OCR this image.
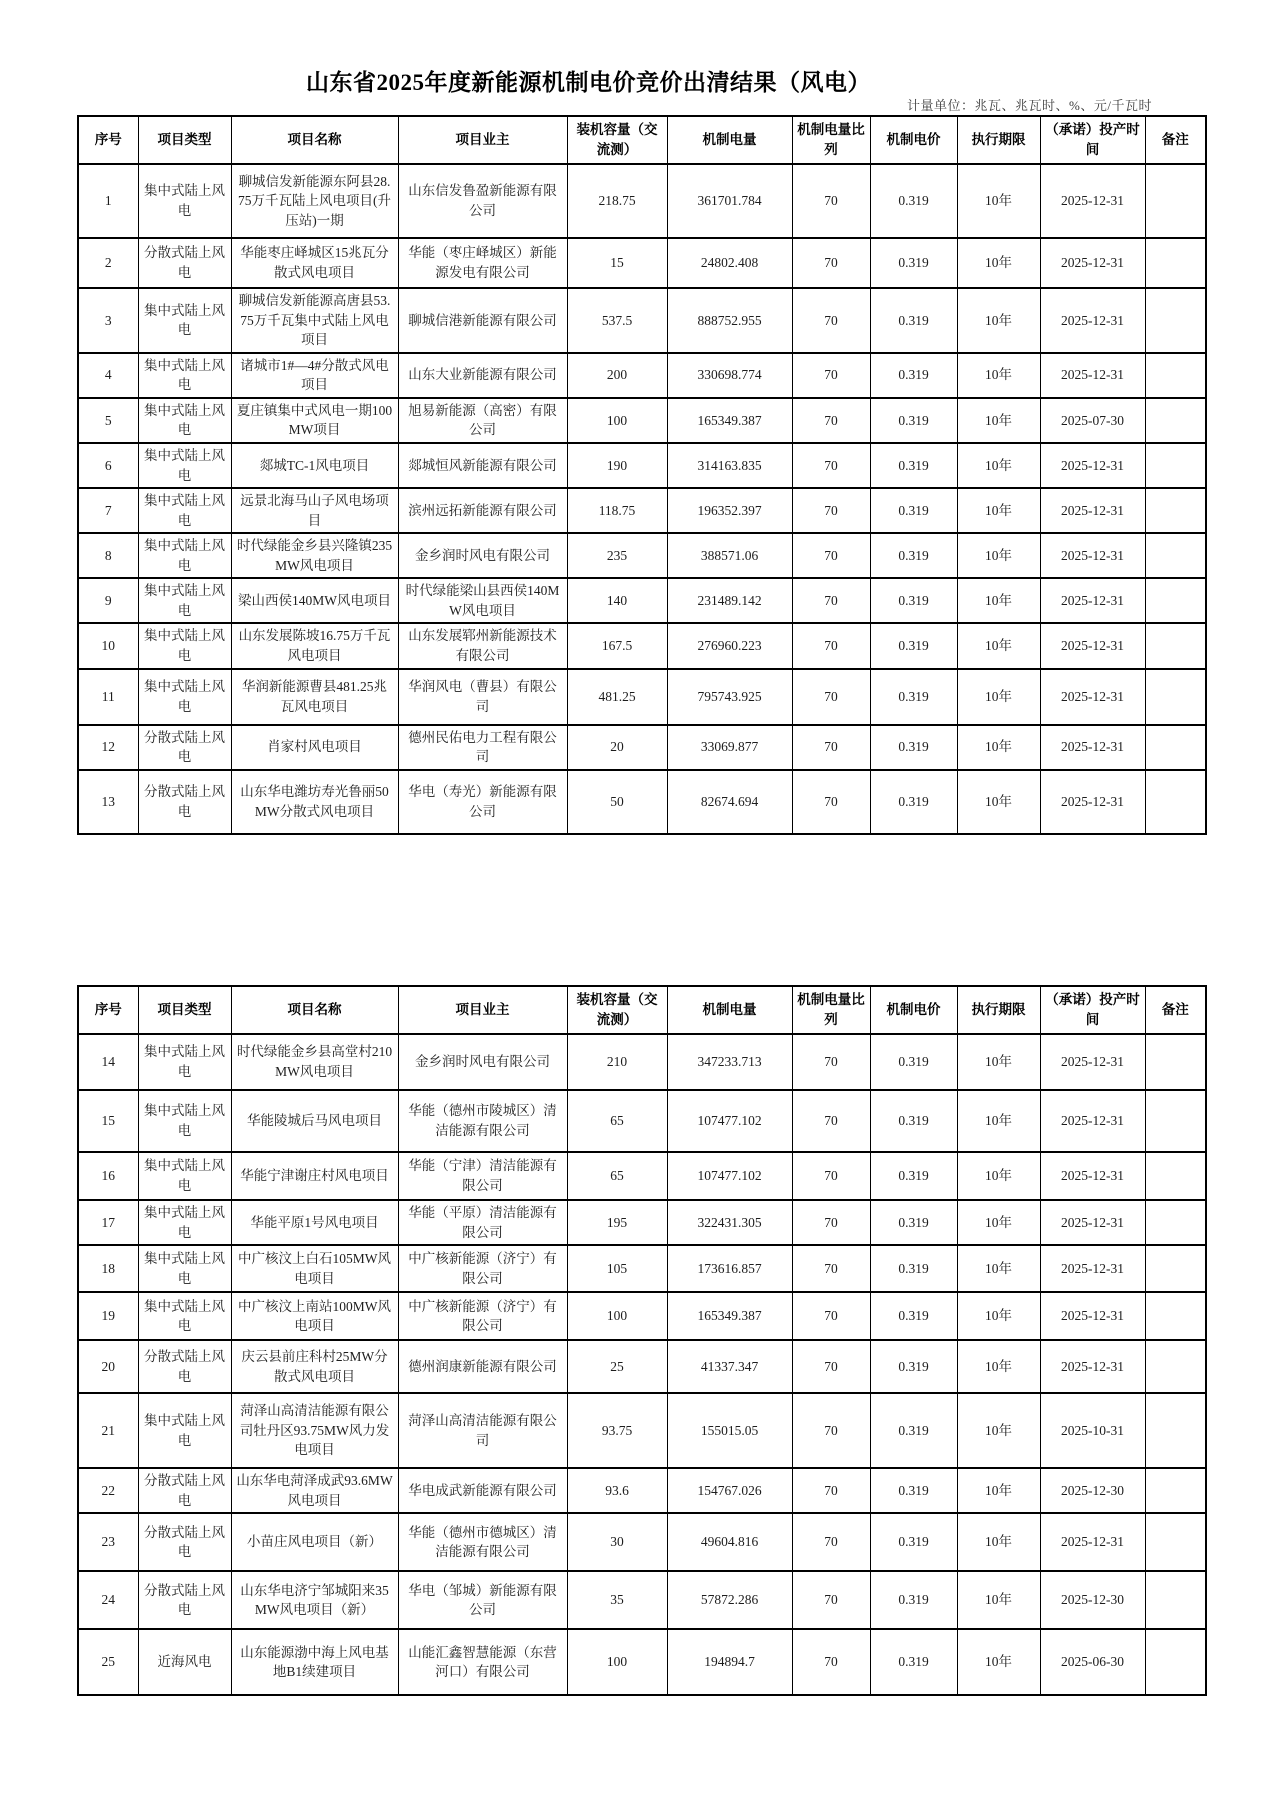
山东省2025年度新能源机制电价竞价出清结果（风电）
计量单位：兆瓦、兆瓦时、%、元/千瓦时
序号	项目类型	项目名称	项目业主	装机容量（交流测）	机制电量	机制电量比列	机制电价	执行期限	（承诺）投产时间	备注
1	集中式陆上风电	聊城信发新能源东阿县28.75万千瓦陆上风电项目(升压站)一期	山东信发鲁盈新能源有限公司	218.75	361701.784	70	0.319	10年	2025-12-31	
2	分散式陆上风电	华能枣庄峄城区15兆瓦分散式风电项目	华能（枣庄峄城区）新能源发电有限公司	15	24802.408	70	0.319	10年	2025-12-31	
3	集中式陆上风电	聊城信发新能源高唐县53.75万千瓦集中式陆上风电项目	聊城信港新能源有限公司	537.5	888752.955	70	0.319	10年	2025-12-31	
4	集中式陆上风电	诸城市1#—4#分散式风电项目	山东大业新能源有限公司	200	330698.774	70	0.319	10年	2025-12-31	
5	集中式陆上风电	夏庄镇集中式风电一期100MW项目	旭易新能源（高密）有限公司	100	165349.387	70	0.319	10年	2025-07-30	
6	集中式陆上风电	郯城TC-1风电项目	郯城恒风新能源有限公司	190	314163.835	70	0.319	10年	2025-12-31	
7	集中式陆上风电	远景北海马山子风电场项目	滨州远拓新能源有限公司	118.75	196352.397	70	0.319	10年	2025-12-31	
8	集中式陆上风电	时代绿能金乡县兴隆镇235MW风电项目	金乡润时风电有限公司	235	388571.06	70	0.319	10年	2025-12-31	
9	集中式陆上风电	梁山西侯140MW风电项目	时代绿能梁山县西侯140MW风电项目	140	231489.142	70	0.319	10年	2025-12-31	
10	集中式陆上风电	山东发展陈坡16.75万千瓦风电项目	山东发展郓州新能源技术有限公司	167.5	276960.223	70	0.319	10年	2025-12-31	
11	集中式陆上风电	华润新能源曹县481.25兆瓦风电项目	华润风电（曹县）有限公司	481.25	795743.925	70	0.319	10年	2025-12-31	
12	分散式陆上风电	肖家村风电项目	德州民佑电力工程有限公司	20	33069.877	70	0.319	10年	2025-12-31	
13	分散式陆上风电	山东华电潍坊寿光鲁丽50MW分散式风电项目	华电（寿光）新能源有限公司	50	82674.694	70	0.319	10年	2025-12-31	
序号	项目类型	项目名称	项目业主	装机容量（交流测）	机制电量	机制电量比列	机制电价	执行期限	（承诺）投产时间	备注
14	集中式陆上风电	时代绿能金乡县高堂村210MW风电项目	金乡润时风电有限公司	210	347233.713	70	0.319	10年	2025-12-31	
15	集中式陆上风电	华能陵城后马风电项目	华能（德州市陵城区）清洁能源有限公司	65	107477.102	70	0.319	10年	2025-12-31	
16	集中式陆上风电	华能宁津谢庄村风电项目	华能（宁津）清洁能源有限公司	65	107477.102	70	0.319	10年	2025-12-31	
17	集中式陆上风电	华能平原1号风电项目	华能（平原）清洁能源有限公司	195	322431.305	70	0.319	10年	2025-12-31	
18	集中式陆上风电	中广核汶上白石105MW风电项目	中广核新能源（济宁）有限公司	105	173616.857	70	0.319	10年	2025-12-31	
19	集中式陆上风电	中广核汶上南站100MW风电项目	中广核新能源（济宁）有限公司	100	165349.387	70	0.319	10年	2025-12-31	
20	分散式陆上风电	庆云县前庄科村25MW分散式风电项目	德州润康新能源有限公司	25	41337.347	70	0.319	10年	2025-12-31	
21	集中式陆上风电	菏泽山高清洁能源有限公司牡丹区93.75MW风力发电项目	菏泽山高清洁能源有限公司	93.75	155015.05	70	0.319	10年	2025-10-31	
22	分散式陆上风电	山东华电菏泽成武93.6MW风电项目	华电成武新能源有限公司	93.6	154767.026	70	0.319	10年	2025-12-30	
23	分散式陆上风电	小苗庄风电项目（新）	华能（德州市德城区）清洁能源有限公司	30	49604.816	70	0.319	10年	2025-12-31	
24	分散式陆上风电	山东华电济宁邹城阳来35MW风电项目（新）	华电（邹城）新能源有限公司	35	57872.286	70	0.319	10年	2025-12-30	
25	近海风电	山东能源渤中海上风电基地B1续建项目	山能汇鑫智慧能源（东营河口）有限公司	100	194894.7	70	0.319	10年	2025-06-30	
